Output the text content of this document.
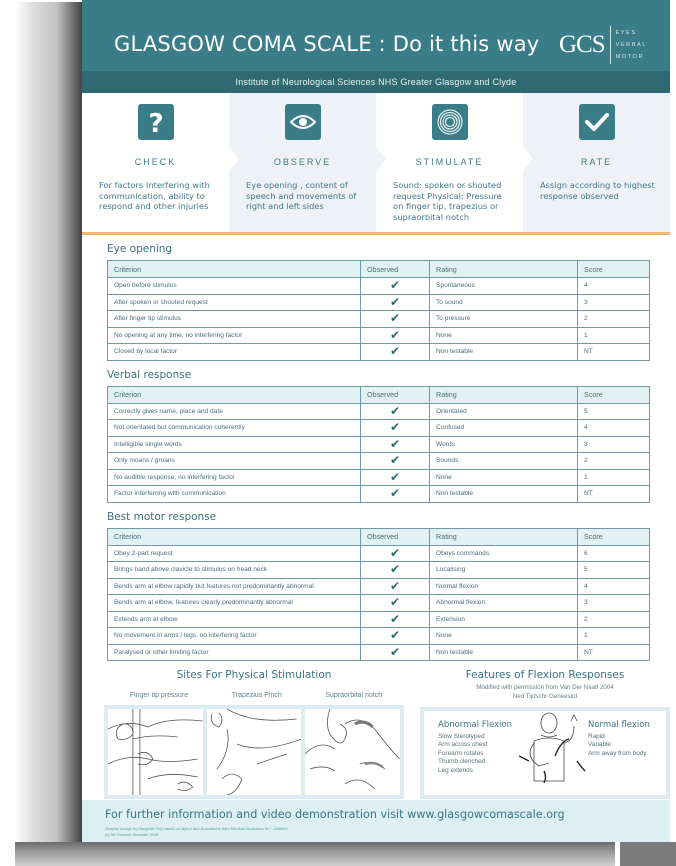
GLASGOW COMA SCALE : Do it this way GCS EYES
VERBAL
MOTOR
Institute of Neurological Sciences NHS Greater Glasgow and Clyde
?
CHECK
For factors Interfering with communication, ability to respond and other injuries
OBSERVE
Eye opening , content of speech and movements of right and left sides
STIMULATE
Sound: spoken or shouted request Physical: Pressure on finger tip, trapezius or supraorbital notch
RATE
Assign according to highest response observed
Eye opening
Criterion	Observed	Rating	Score
Open before stimulus	✔	Spontaneous	4
After spoken or shouted request	✔	To sound	3
After finger tip stimulus	✔	To pressure	2
No opening at any time, no interfering factor	✔	None	1
Closed by local factor	✔	Non testable	NT
Verbal response
Criterion	Observed	Rating	Score
Correctly gives name, place and date	✔	Orientated	5
Not orientated but communication coherently	✔	Confused	4
Intelligible single words	✔	Words	3
Only moans / groans	✔	Sounds	2
No audible response, no interfering factor	✔	None	1
Factor interferring with communication	✔	Non testable	NT
Best motor response
Criterion	Observed	Rating	Score
Obey 2-part request	✔	Obeys commands	6
Brings hand above clavicle to stimulus on head neck	✔	Localising	5
Bends arm at elbow rapidly but features not predominantly abnormal	✔	Normal flexion	4
Bends arm at elbow, features clearly predominantly abnormal	✔	Abnormal flexion	3
Extends arm at elbow	✔	Extension	2
No movement in arms / legs, no interfering factor	✔	None	1
Paralysed or other limiting factor	✔	Non testable	NT
Sites For Physical Stimulation
Finger tip pressure	Trapezius Pinch	Supraorbital notch
Features of Flexion Responses
Modified with permission from Van Der Naalt 2004
Ned Tijdschr Geneeskd
Abnormal Flexion
Slow Sterotyped
Arm across chest
Forearm rotates
Thumb clenched
Leg extends
Normal flexion
Rapid
Variable
Arm away from body
For further information and video demonstration visit www.glasgowcomascale.org
Graphic design by Margaret Frej based on layout and illustrations from Medical Illustration M I - 268093
(c) Sir Graham Teasdale 2015
